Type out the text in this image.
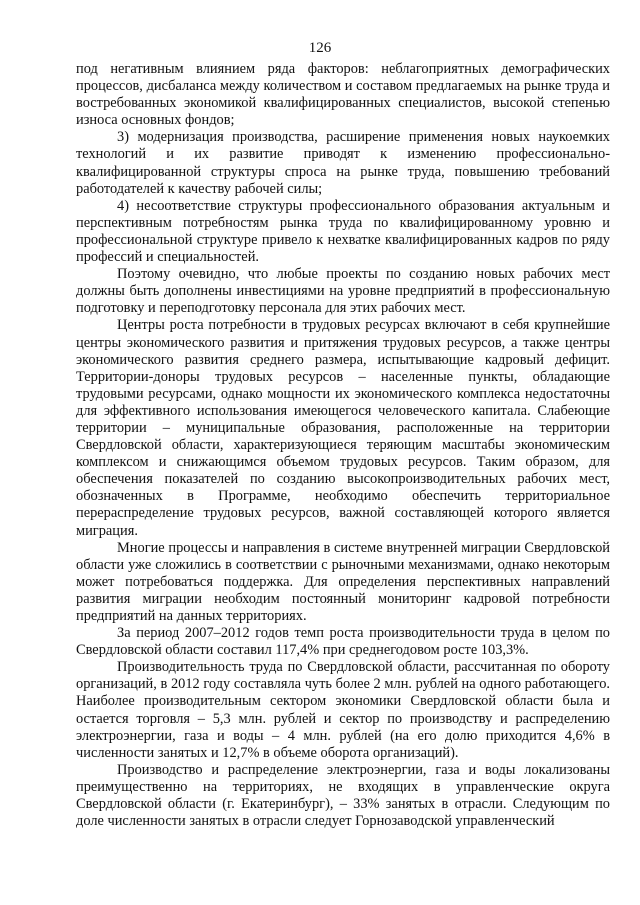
126

под негативным влиянием ряда факторов: неблагоприятных демографических процессов, дисбаланса между количеством и составом предлагаемых на рынке труда и востребованных экономикой квалифицированных специалистов, высокой степенью износа основных фондов;

3) модернизация производства, расширение применения новых наукоемких технологий и их развитие приводят к изменению профессионально-квалифицированной структуры спроса на рынке труда, повышению требований работодателей к качеству рабочей силы;

4) несоответствие структуры профессионального образования актуальным и перспективным потребностям рынка труда по квалифицированному уровню и профессиональной структуре привело к нехватке квалифицированных кадров по ряду профессий и специальностей.

Поэтому очевидно, что любые проекты по созданию новых рабочих мест должны быть дополнены инвестициями на уровне предприятий в профессиональную подготовку и переподготовку персонала для этих рабочих мест.

Центры роста потребности в трудовых ресурсах включают в себя крупнейшие центры экономического развития и притяжения трудовых ресурсов, а также центры экономического развития среднего размера, испытывающие кадровый дефицит. Территории-доноры трудовых ресурсов – населенные пункты, обладающие трудовыми ресурсами, однако мощности их экономического комплекса недостаточны для эффективного использования имеющегося человеческого капитала. Слабеющие территории – муниципальные образования, расположенные на территории Свердловской области, характеризующиеся теряющим масштабы экономическим комплексом и снижающимся объемом трудовых ресурсов. Таким образом, для обеспечения показателей по созданию высокопроизводительных рабочих мест, обозначенных в Программе, необходимо обеспечить территориальное перераспределение трудовых ресурсов, важной составляющей которого является миграция.

Многие процессы и направления в системе внутренней миграции Свердловской области уже сложились в соответствии с рыночными механизмами, однако некоторым может потребоваться поддержка. Для определения перспективных направлений развития миграции необходим постоянный мониторинг кадровой потребности предприятий на данных территориях.

За период 2007–2012 годов темп роста производительности труда в целом по Свердловской области составил 117,4% при среднегодовом росте 103,3%.

Производительность труда по Свердловской области, рассчитанная по обороту организаций, в 2012 году составляла чуть более 2 млн. рублей на одного работающего. Наиболее производительным сектором экономики Свердловской области была и остается торговля – 5,3 млн. рублей и сектор по производству и распределению электроэнергии, газа и воды – 4 млн. рублей (на его долю приходится 4,6% в численности занятых и 12,7% в объеме оборота организаций).

Производство и распределение электроэнергии, газа и воды локализованы преимущественно на территориях, не входящих в управленческие округа Свердловской области (г. Екатеринбург), – 33% занятых в отрасли. Следующим по доле численности занятых в отрасли следует Горнозаводской управленческий
